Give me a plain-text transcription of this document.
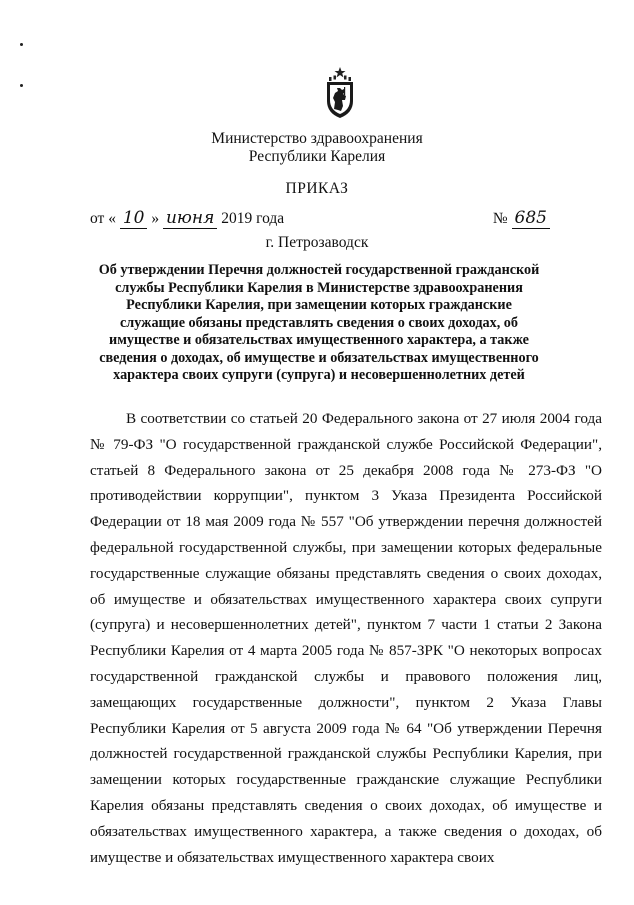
Министерство здравоохранения
Республики Карелия
ПРИКАЗ
от « 10 » июня 2019 года	№ 685
г. Петрозаводск
Об утверждении Перечня должностей государственной гражданской службы Республики Карелия в Министерстве здравоохранения Республики Карелия, при замещении которых гражданские служащие обязаны представлять сведения о своих доходах, об имуществе и обязательствах имущественного характера, а также сведения о доходах, об имуществе и обязательствах имущественного характера своих супруги (супруга) и несовершеннолетних детей

В соответствии со статьей 20 Федерального закона от 27 июля 2004 года № 79-ФЗ "О государственной гражданской службе Российской Федерации", статьей 8 Федерального закона от 25 декабря 2008 года № 273-ФЗ "О противодействии коррупции", пунктом 3 Указа Президента Российской Федерации от 18 мая 2009 года № 557 "Об утверждении перечня должностей федеральной государственной службы, при замещении которых федеральные государственные служащие обязаны представлять сведения о своих доходах, об имуществе и обязательствах имущественного характера своих супруги (супруга) и несовершеннолетних детей", пунктом 7 части 1 статьи 2 Закона Республики Карелия от 4 марта 2005 года № 857-ЗРК "О некоторых вопросах государственной гражданской службы и правового положения лиц, замещающих государственные должности", пунктом 2 Указа Главы Республики Карелия от 5 августа 2009 года № 64 "Об утверждении Перечня должностей государственной гражданской службы Республики Карелия, при замещении которых государственные гражданские служащие Республики Карелия обязаны представлять сведения о своих доходах, об имуществе и обязательствах имущественного характера, а также сведения о доходах, об имуществе и обязательствах имущественного характера своих
